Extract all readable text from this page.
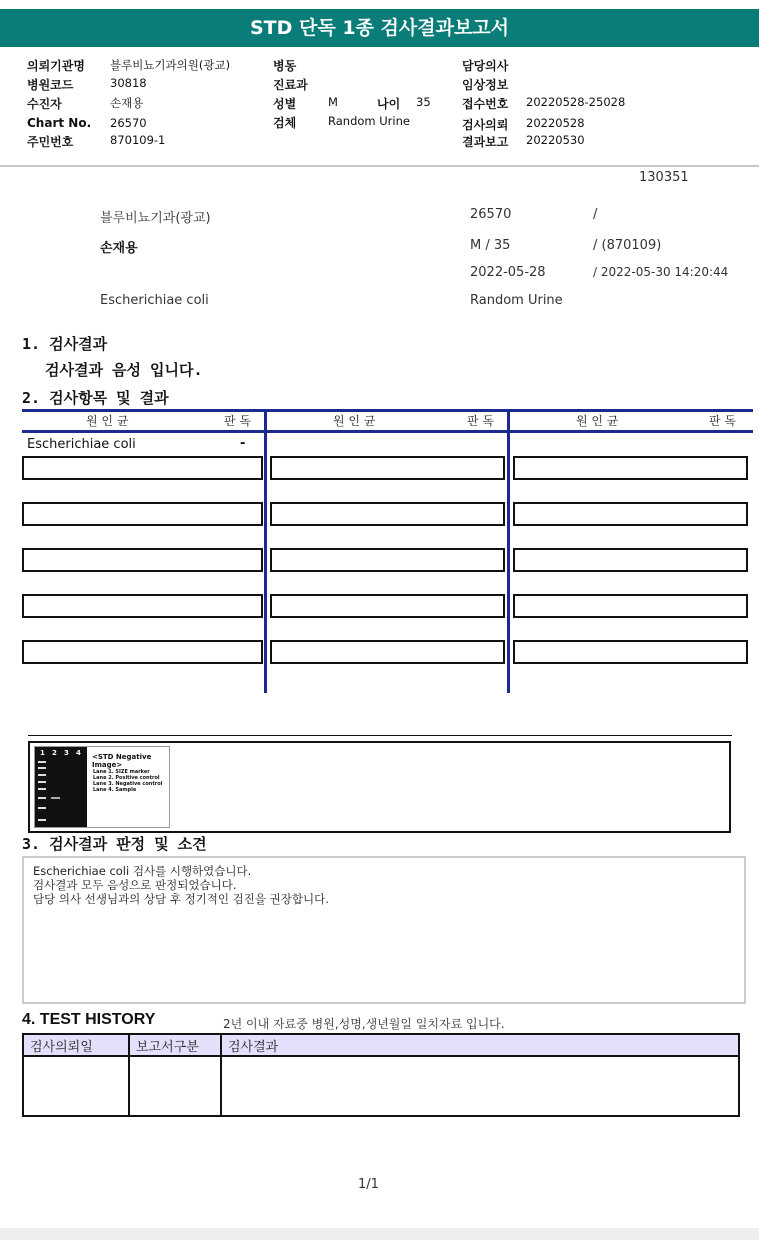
STD 단독 1종 검사결과보고서
의뢰기관명 블루비뇨기과의원(광교)	병동	담당의사
병원코드	30818	진료과	임상정보
수진자	손재용	성별	M	나이 35	접수번호 20220528-25028
Chart No. 26570	검체	Random Urine	검사의뢰 20220528
주민번호	870109-1	결과보고 20220530
130351
블루비뇨기과(광교)	26570	/
손재용	M / 35	/ (870109)
2022-05-28	/ 2022-05-30 14:20:44
Escherichiae coli	Random Urine
1. 검사결과
검사결과 음성 입니다.
2. 검사항목 및 결과
원 인 균	판 독	원 인 균	판 독	원 인 균	판 독
Escherichiae coli	-
1 2 3 4 <STD Negative Image>
Lane 1. SIZE marker
Lane 2. Positive control
Lane 3. Negative control
Lane 4. Sample
3. 검사결과 판정 및 소견
Escherichiae coli 검사를 시행하였습니다.
검사결과 모두 음성으로 판정되었습니다.
담당 의사 선생님과의 상담 후 정기적인 검진을 권장합니다.
4. TEST HISTORY	2년 이내 자료중 병원,성명,생년월일 일치자료 입니다.
검사의뢰일	보고서구분	검사결과

1/1
